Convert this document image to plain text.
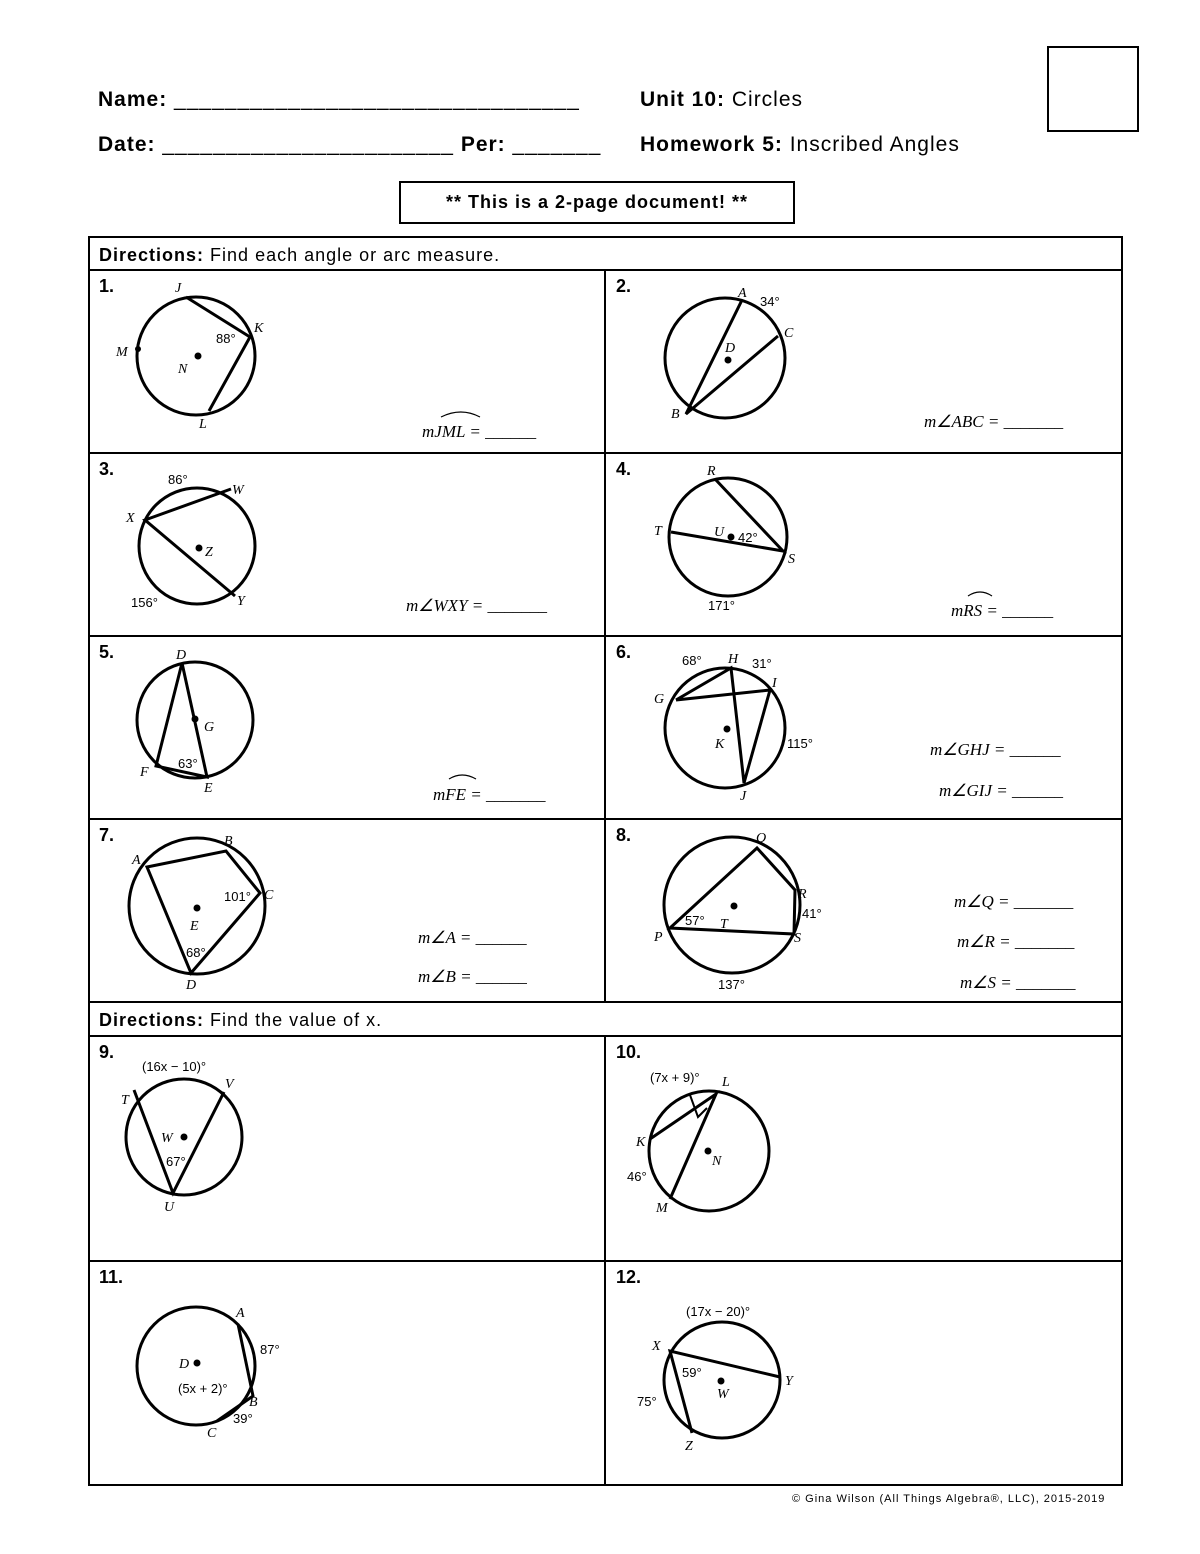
Name: ________________________________
Date: _______________________ Per: _______
Unit 10: Circles
Homework 5: Inscribed Angles
** This is a 2-page document! **
Directions: Find each angle or arc measure.
Directions: Find the value of x.
1.	2.
3.	4.
5.	6.
7.	8.
9.	10.
11.	12.
mJML = ______
m∠ABC = _______
m∠WXY = _______	mRS = ______
mFE = _______
m∠GHJ = ______
m∠GIJ = ______
m∠A = ______
m∠B = ______
m∠Q = _______
m∠R = _______
m∠S = _______
J
K
M
N
L
88°
A
34°
C
D
B
86°
W
X
Z
156°	Y
R
T	U 42°
S
171°
D
G
63°
F
E
68° H 31°
I
G
K	115°
J
B
A
101° C
E
68°
D
Q
R
41°
57° T
P	S
137°
(16x − 10)°
V
T
W
67°
U
(7x + 9)° L
K
N
46°
M
A
87°
D
(5x + 2)°
B
C
39°
(17x − 20)°
X
59°
Y
W
75°
Z
© Gina Wilson (All Things Algebra®, LLC), 2015-2019
